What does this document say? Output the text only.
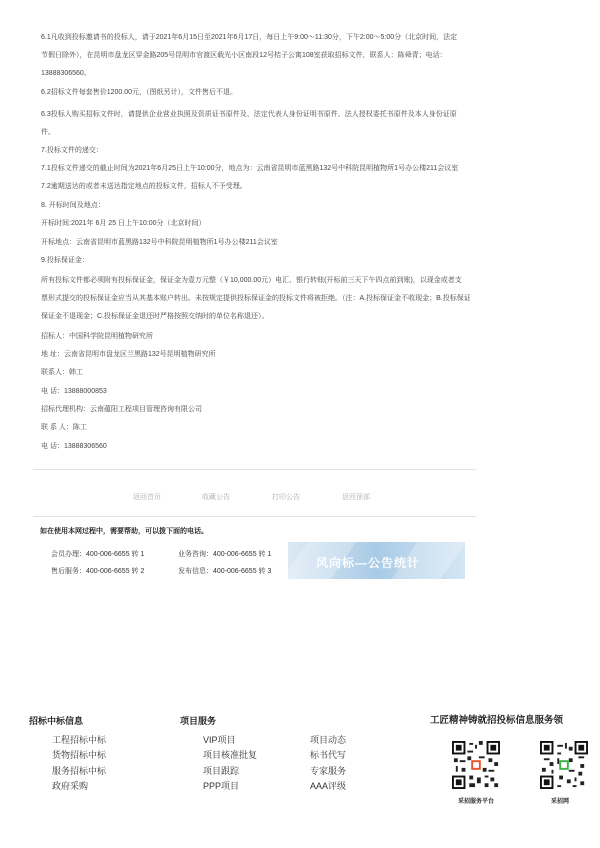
6.1凡收到投标邀请书的投标人，请于2021年6月15日至2021年6月17日，每日上午9:00～11:30分，下午2:00～5:00分（北京时间，法定
节假日除外），在昆明市盘龙区穿金路205号昆明市官渡区载光小区南段12号桔子公寓108室获取招标文件，联系人：陈舜青；电话：
13888306560。
6.2招标文件每套售价1200.00元，（图纸另计），文件售后不退。
6.3投标人购买招标文件时，请提供企业营业执照及资质证书原件及、法定代表人身份证明书原件、法人授权委托书原件及本人身份证原
件。
7.投标文件的递交：
7.1投标文件递交的截止时间为2021年6月25日上午10:00分，地点为：云南省昆明市蓝黑路132号中科院昆明植物所1号办公楼211会议室
7.2逾期送达的或者未送达指定地点的投标文件，招标人不予受理。
8. 开标时间及地点：
开标时间:2021年 6月 25 日上午10:00分（北京时间）
开标地点：云南省昆明市蓝黑路132号中科院昆明植物所1号办公楼211会议室
9.投标保证金：
所有投标文件都必须附有投标保证金，保证金为壹万元整（￥10,000.00元）电汇、银行转账(开标前三天下午四点前到账)，以现金或者支
票形式提交的投标保证金应当从其基本账户转出。未按规定提供投标保证金的投标文件将被拒绝。（注：A.投标保证金不收现金；B.投标保证
保证金不退现金；C.投标保证金退还时严格按照交纳时的单位名称退还）。
招标人：中国科学院昆明植物研究所
地 址：云南省昆明市盘龙区兰黑路132号昆明植物研究所
联系人：韩工
电 话：13888000853
招标代理机构：云南蕴阳工程项目管理咨询有限公司
联 系 人：陈工
电 话：13888306560
返回首页	收藏公告	打印公告	返回顶部
如在使用本网过程中，需要帮助，可以拨下面的电话。
会员办理：400-006-6655 转 1	业务咨询：400-006-6655 转 1
售后服务：400-006-6655 转 2	发布信息：400-006-6655 转 3
风向标—公告统计
招标中标信息
工程招标中标
货物招标中标
服务招标中标
政府采购
项目服务
VIP项目
项目核准批复
项目跟踪
PPP项目
项目动态
标书代写
专家服务
AAA评级
工匠精神铸就招投标信息服务领
采招服务平台	采招网
